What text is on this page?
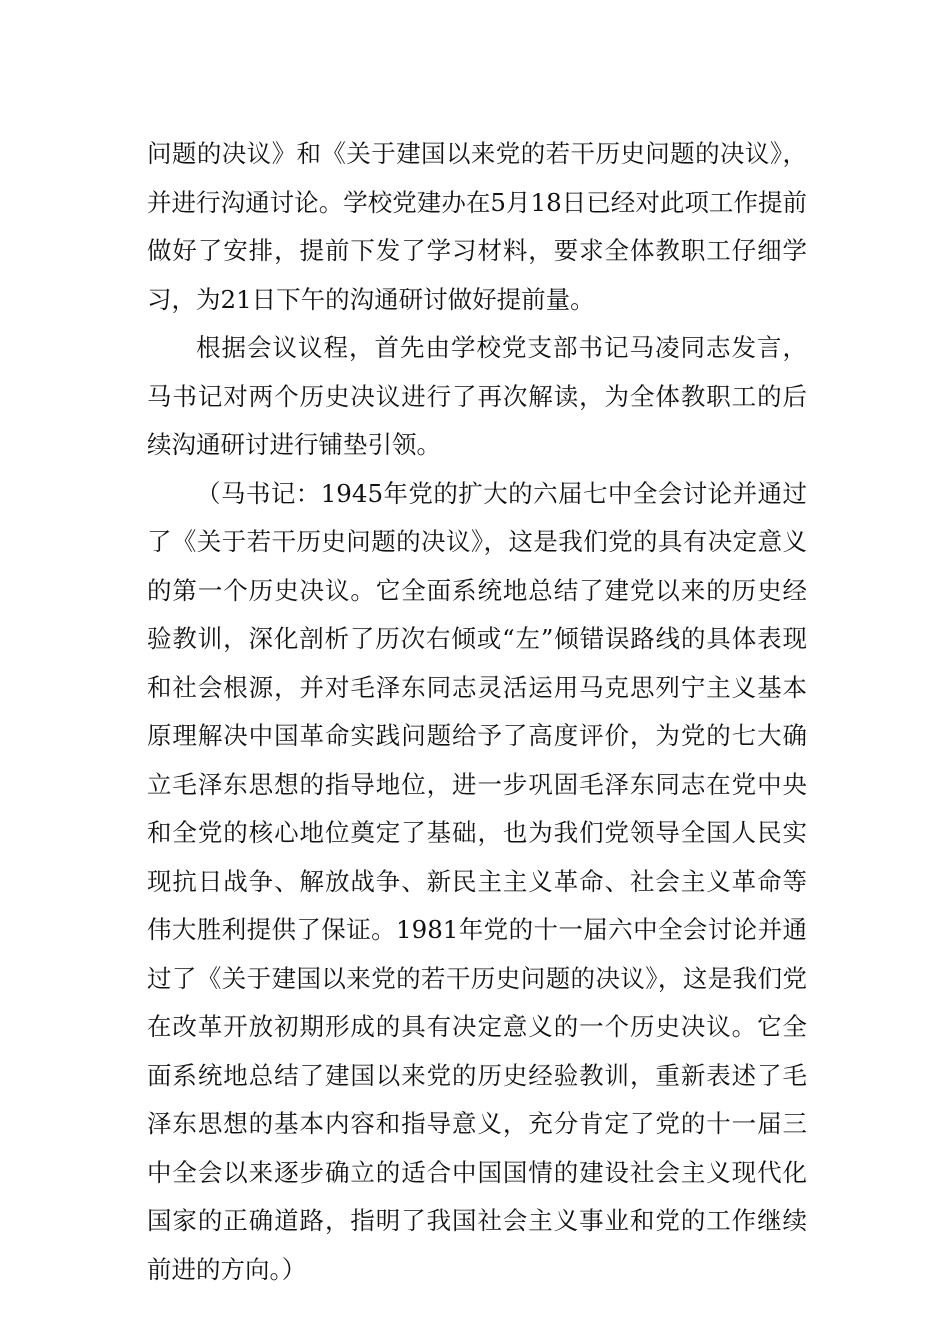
问题的决议》和《关于建国以来党的若干历史问题的决议》，并进行沟通讨论。学校党建办在5月18日已经对此项工作提前做好了安排，提前下发了学习材料，要求全体教职工仔细学习，为21日下午的沟通研讨做好提前量。

根据会议议程，首先由学校党支部书记马凌同志发言，马书记对两个历史决议进行了再次解读，为全体教职工的后续沟通研讨进行铺垫引领。

（马书记：1945年党的扩大的六届七中全会讨论并通过了《关于若干历史问题的决议》，这是我们党的具有决定意义的第一个历史决议。它全面系统地总结了建党以来的历史经验教训，深化剖析了历次右倾或“左”倾错误路线的具体表现和社会根源，并对毛泽东同志灵活运用马克思列宁主义基本原理解决中国革命实践问题给予了高度评价，为党的七大确立毛泽东思想的指导地位，进一步巩固毛泽东同志在党中央和全党的核心地位奠定了基础，也为我们党领导全国人民实现抗日战争、解放战争、新民主主义革命、社会主义革命等伟大胜利提供了保证。1981年党的十一届六中全会讨论并通过了《关于建国以来党的若干历史问题的决议》，这是我们党在改革开放初期形成的具有决定意义的一个历史决议。它全面系统地总结了建国以来党的历史经验教训，重新表述了毛泽东思想的基本内容和指导意义，充分肯定了党的十一届三中全会以来逐步确立的适合中国国情的建设社会主义现代化国家的正确道路，指明了我国社会主义事业和党的工作继续前进的方向。）
